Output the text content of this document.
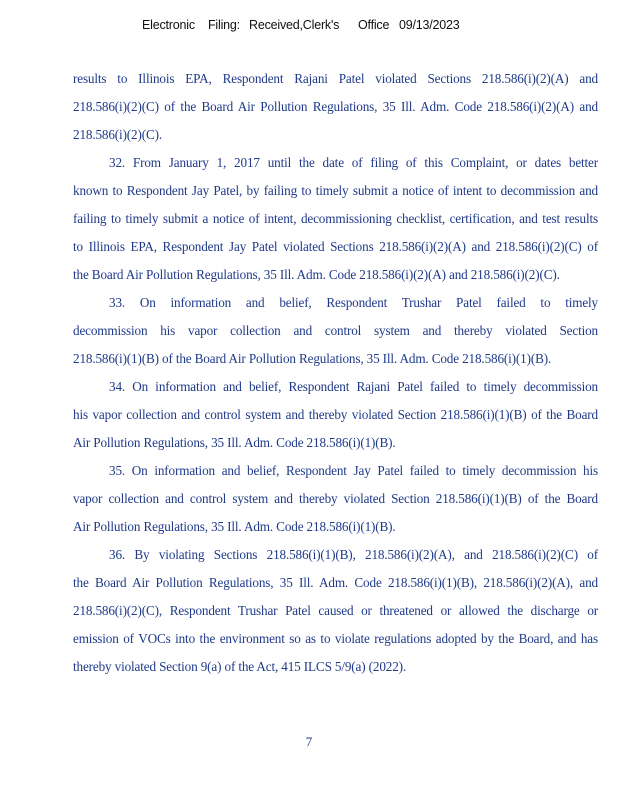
Electronic Filing: Received,Clerk's Office 09/13/2023
results to Illinois EPA, Respondent Rajani Patel violated Sections 218.586(i)(2)(A) and
218.586(i)(2)(C) of the Board Air Pollution Regulations, 35 Ill. Adm. Code 218.586(i)(2)(A) and
218.586(i)(2)(C).
32. From January 1, 2017 until the date of filing of this Complaint, or dates better
known to Respondent Jay Patel, by failing to timely submit a notice of intent to decommission and
failing to timely submit a notice of intent, decommissioning checklist, certification, and test results
to Illinois EPA, Respondent Jay Patel violated Sections 218.586(i)(2)(A) and 218.586(i)(2)(C) of
the Board Air Pollution Regulations, 35 Ill. Adm. Code 218.586(i)(2)(A) and 218.586(i)(2)(C).
33. On information and belief, Respondent Trushar Patel failed to timely
decommission his vapor collection and control system and thereby violated Section
218.586(i)(1)(B) of the Board Air Pollution Regulations, 35 Ill. Adm. Code 218.586(i)(1)(B).
34. On information and belief, Respondent Rajani Patel failed to timely decommission
his vapor collection and control system and thereby violated Section 218.586(i)(1)(B) of the Board
Air Pollution Regulations, 35 Ill. Adm. Code 218.586(i)(1)(B).
35. On information and belief, Respondent Jay Patel failed to timely decommission his
vapor collection and control system and thereby violated Section 218.586(i)(1)(B) of the Board
Air Pollution Regulations, 35 Ill. Adm. Code 218.586(i)(1)(B).
36. By violating Sections 218.586(i)(1)(B), 218.586(i)(2)(A), and 218.586(i)(2)(C) of
the Board Air Pollution Regulations, 35 Ill. Adm. Code 218.586(i)(1)(B), 218.586(i)(2)(A), and
218.586(i)(2)(C), Respondent Trushar Patel caused or threatened or allowed the discharge or
emission of VOCs into the environment so as to violate regulations adopted by the Board, and has
thereby violated Section 9(a) of the Act, 415 ILCS 5/9(a) (2022).
7
